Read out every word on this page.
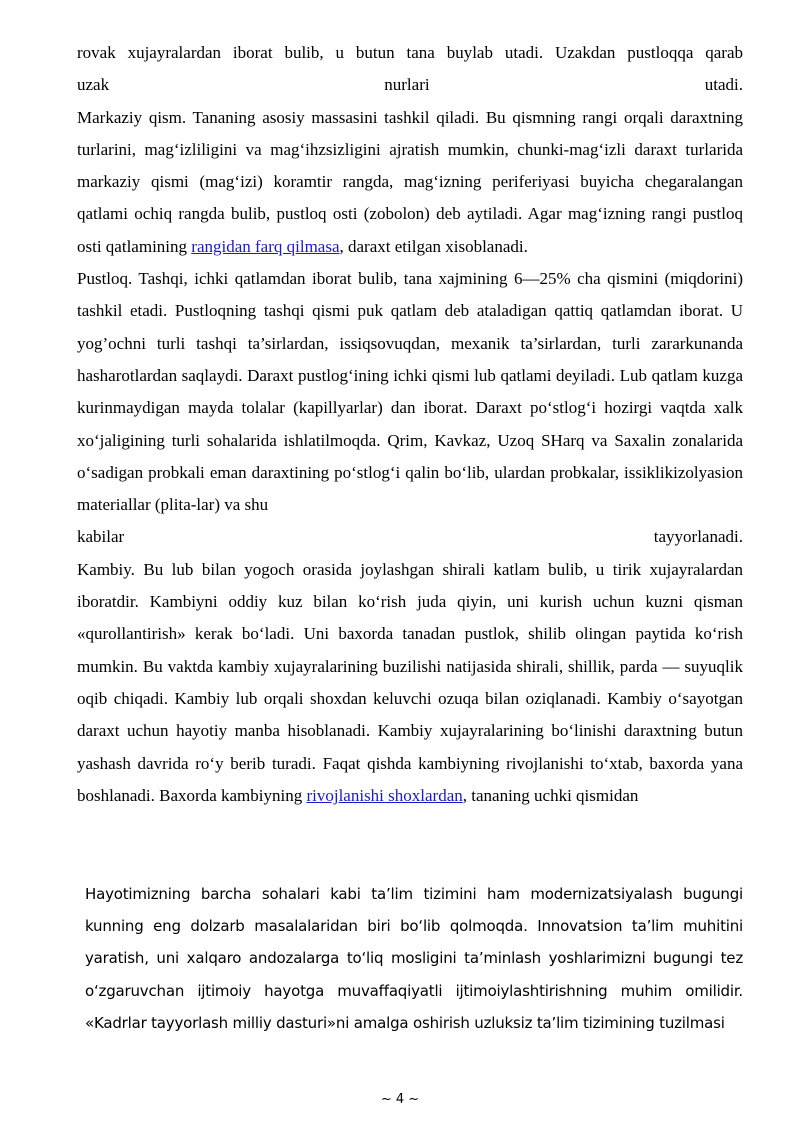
rovak xujayralardan iborat bulib, u butun tana buylab utadi. Uzakdan pustloqqa qarab

uzak nurlari utadi.

Markaziy qism. Tananing asosiy massasini tashkil qiladi. Bu qismning rangi orqali daraxtning turlarini, mag‘izliligini va mag‘ihzsizligini ajratish mumkin, chunki-mag‘izli daraxt turlarida markaziy qismi (mag‘izi) koramtir rangda, mag‘izning periferiyasi buyicha chegaralangan qatlami ochiq rangda bulib, pustloq osti (zobolon) deb aytiladi. Agar mag‘izning rangi pustloq osti qatlamining rangidan farq qilmasa, daraxt etilgan xisoblanadi.

Pustloq. Tashqi, ichki qatlamdan iborat bulib, tana xajmining 6—25% cha qismini (miqdorini) tashkil etadi. Pustloqning tashqi qismi puk qatlam deb ataladigan qattiq qatlamdan iborat. U yog’ochni turli tashqi ta’sirlardan, issiqsovuqdan, mexanik ta’sirlardan, turli zararkunanda hasharotlardan saqlaydi. Daraxt pustlog‘ining ichki qismi lub qatlami deyiladi. Lub qatlam kuzga kurinmaydigan mayda tolalar (kapillyarlar) dan iborat. Daraxt po‘stlog‘i hozirgi vaqtda xalk xo‘jaligining turli sohalarida ishlatilmoqda. Qrim, Kavkaz, Uzoq SHarq va Saxalin zonalarida o‘sadigan probkali eman daraxtining po‘stlog‘i qalin bo‘lib, ulardan probkalar, issiklikizolyasion materiallar (plita-lar) va shu

kabilar tayyorlanadi.

Kambiy. Bu lub bilan yogoch orasida joylashgan shirali katlam bulib, u tirik xujayralardan iboratdir. Kambiyni oddiy kuz bilan ko‘rish juda qiyin, uni kurish uchun kuzni qisman «qurollantirish» kerak bo‘ladi. Uni baxorda tanadan pustlok, shilib olingan paytida ko‘rish mumkin. Bu vaktda kambiy xujayralarining buzilishi natijasida shirali, shillik, parda — suyuqlik oqib chiqadi. Kambiy lub orqali shoxdan keluvchi ozuqa bilan oziqlanadi. Kambiy o‘sayotgan daraxt uchun hayotiy manba hisoblanadi. Kambiy xujayralarining bo‘linishi daraxtning butun yashash davrida ro‘y berib turadi. Faqat qishda kambiyning rivojlanishi to‘xtab, baxorda yana boshlanadi. Baxorda kambiyning rivojlanishi shoxlardan, tananing uchki qismidan

Hayotimizning barcha sohalari kabi ta’lim tizimini ham modernizatsiyalash bugungi kunning eng dolzarb masalalaridan biri bo‘lib qolmoqda. Innovatsion ta’lim muhitini yaratish, uni xalqaro andozalarga to‘liq mosligini ta’minlash yoshlarimizni bugungi tez o‘zgaruvchan ijtimoiy hayotga muvaffaqiyatli ijtimoiylashtirishning muhim omilidir. «Kadrlar tayyorlash milliy dasturi»ni amalga oshirish uzluksiz ta’lim tizimining tuzilmasi

~ 4 ~
